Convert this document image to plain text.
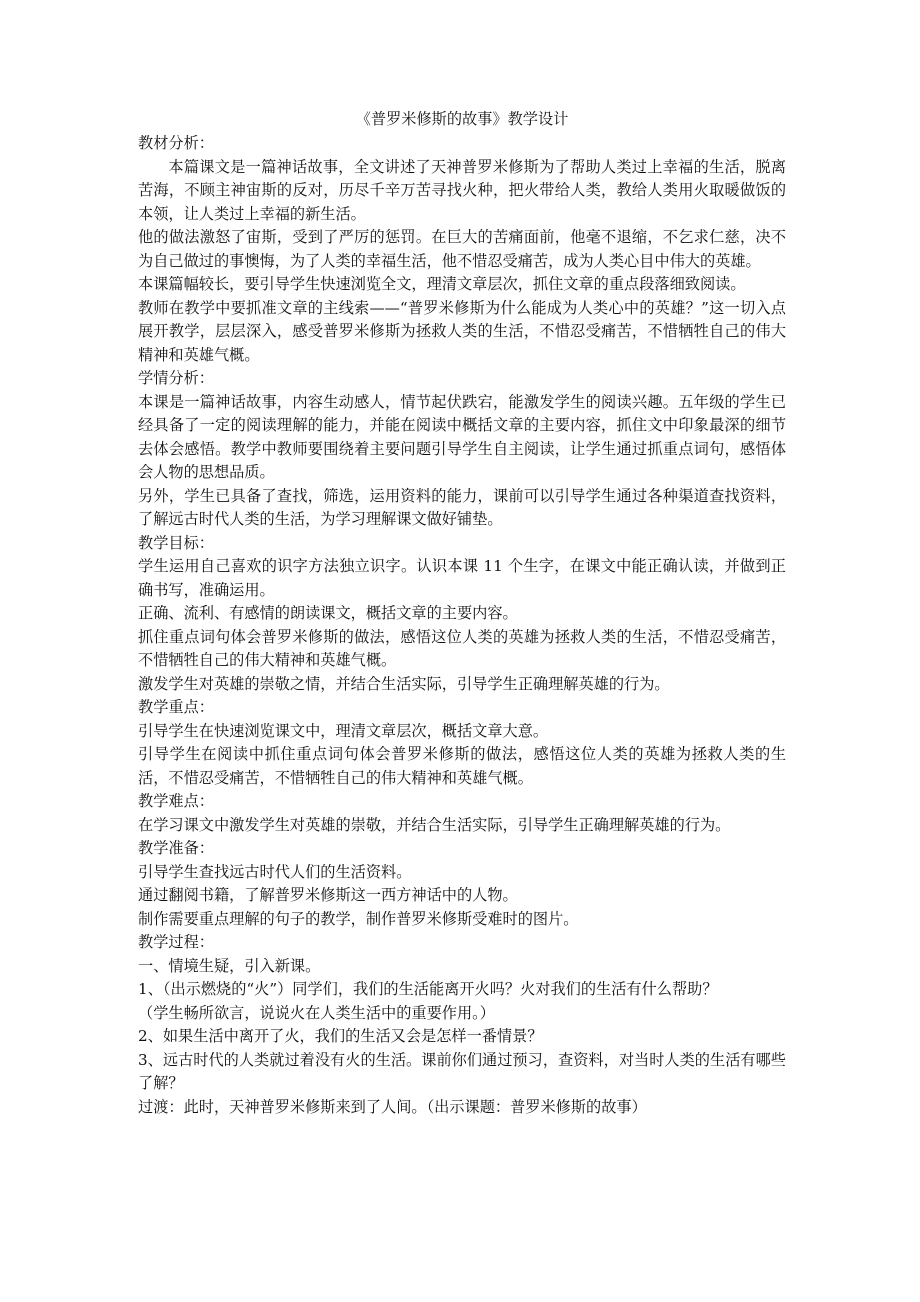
《普罗米修斯的故事》教学设计
教材分析：
本篇课文是一篇神话故事，全文讲述了天神普罗米修斯为了帮助人类过上幸福的生活，脱离苦海，不顾主神宙斯的反对，历尽千辛万苦寻找火种，把火带给人类，教给人类用火取暖做饭的本领，让人类过上幸福的新生活。
他的做法激怒了宙斯，受到了严厉的惩罚。在巨大的苦痛面前，他毫不退缩，不乞求仁慈，决不为自己做过的事懊悔，为了人类的幸福生活，他不惜忍受痛苦，成为人类心目中伟大的英雄。
本课篇幅较长，要引导学生快速浏览全文，理清文章层次，抓住文章的重点段落细致阅读。
教师在教学中要抓准文章的主线索——“普罗米修斯为什么能成为人类心中的英雄？”这一切入点展开教学，层层深入，感受普罗米修斯为拯救人类的生活，不惜忍受痛苦，不惜牺牲自己的伟大精神和英雄气概。
学情分析：
本课是一篇神话故事，内容生动感人，情节起伏跌宕，能激发学生的阅读兴趣。五年级的学生已经具备了一定的阅读理解的能力，并能在阅读中概括文章的主要内容，抓住文中印象最深的细节去体会感悟。教学中教师要围绕着主要问题引导学生自主阅读，让学生通过抓重点词句，感悟体会人物的思想品质。
另外，学生已具备了查找，筛选，运用资料的能力，课前可以引导学生通过各种渠道查找资料，了解远古时代人类的生活，为学习理解课文做好铺垫。
教学目标：
学生运用自己喜欢的识字方法独立识字。认识本课 11 个生字，在课文中能正确认读，并做到正确书写，准确运用。
正确、流利、有感情的朗读课文，概括文章的主要内容。
抓住重点词句体会普罗米修斯的做法，感悟这位人类的英雄为拯救人类的生活，不惜忍受痛苦，不惜牺牲自己的伟大精神和英雄气概。
激发学生对英雄的崇敬之情，并结合生活实际，引导学生正确理解英雄的行为。
教学重点：
引导学生在快速浏览课文中，理清文章层次，概括文章大意。
引导学生在阅读中抓住重点词句体会普罗米修斯的做法，感悟这位人类的英雄为拯救人类的生活，不惜忍受痛苦，不惜牺牲自己的伟大精神和英雄气概。
教学难点：
在学习课文中激发学生对英雄的崇敬，并结合生活实际，引导学生正确理解英雄的行为。
教学准备：
引导学生查找远古时代人们的生活资料。
通过翻阅书籍，了解普罗米修斯这一西方神话中的人物。
制作需要重点理解的句子的教学，制作普罗米修斯受难时的图片。
教学过程：
一、情境生疑，引入新课。
1、（出示燃烧的“火”）同学们，我们的生活能离开火吗？火对我们的生活有什么帮助？
（学生畅所欲言，说说火在人类生活中的重要作用。）
2、如果生活中离开了火，我们的生活又会是怎样一番情景？
3、远古时代的人类就过着没有火的生活。课前你们通过预习，查资料，对当时人类的生活有哪些了解？
过渡：此时，天神普罗米修斯来到了人间。（出示课题：普罗米修斯的故事）
